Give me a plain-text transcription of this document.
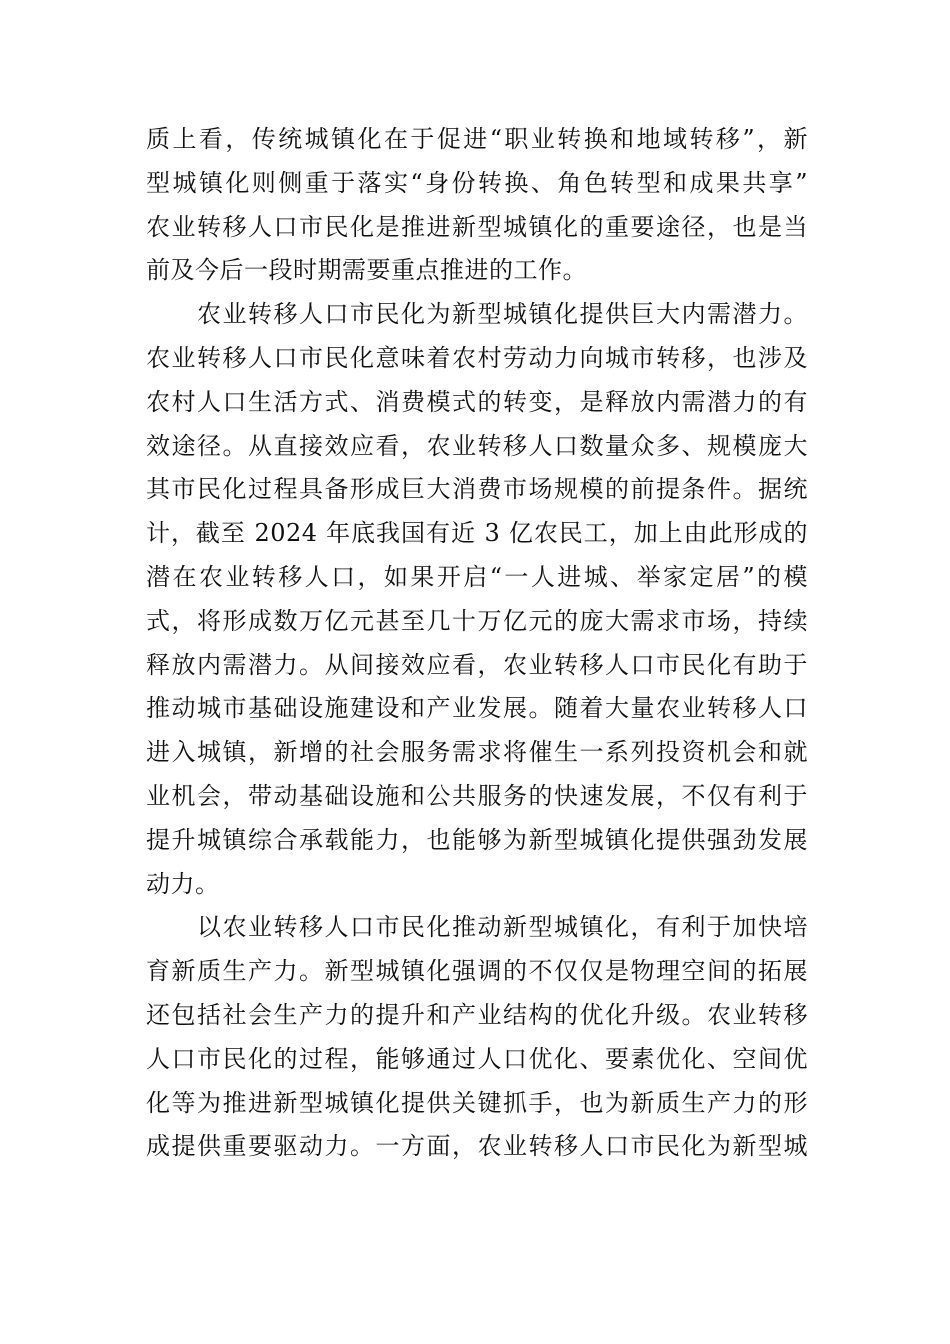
质上看，传统城镇化在于促进“职业转换和地域转移”，新
型城镇化则侧重于落实“身份转换、角色转型和成果共享”
农业转移人口市民化是推进新型城镇化的重要途径，也是当
前及今后一段时期需要重点推进的工作。
　　农业转移人口市民化为新型城镇化提供巨大内需潜力。
农业转移人口市民化意味着农村劳动力向城市转移，也涉及
农村人口生活方式、消费模式的转变，是释放内需潜力的有
效途径。从直接效应看，农业转移人口数量众多、规模庞大
其市民化过程具备形成巨大消费市场规模的前提条件。据统
计，截至 2024 年底我国有近 3 亿农民工，加上由此形成的
潜在农业转移人口，如果开启“一人进城、举家定居”的模
式，将形成数万亿元甚至几十万亿元的庞大需求市场，持续
释放内需潜力。从间接效应看，农业转移人口市民化有助于
推动城市基础设施建设和产业发展。随着大量农业转移人口
进入城镇，新增的社会服务需求将催生一系列投资机会和就
业机会，带动基础设施和公共服务的快速发展，不仅有利于
提升城镇综合承载能力，也能够为新型城镇化提供强劲发展
动力。
　　以农业转移人口市民化推动新型城镇化，有利于加快培
育新质生产力。新型城镇化强调的不仅仅是物理空间的拓展
还包括社会生产力的提升和产业结构的优化升级。农业转移
人口市民化的过程，能够通过人口优化、要素优化、空间优
化等为推进新型城镇化提供关键抓手，也为新质生产力的形
成提供重要驱动力。一方面，农业转移人口市民化为新型城
